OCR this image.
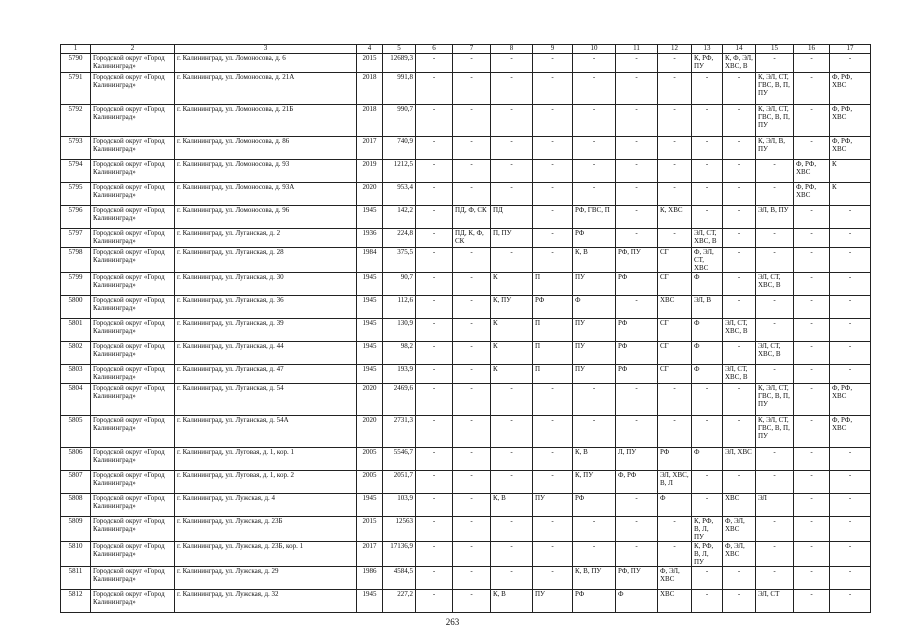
1	2	3	4	5	6	7	8	9	10	11	12	13	14	15	16	17
5790	Городской округ «Город Калининград»	г. Калининград, ул. Ломоносова, д. 6	2015	12689,3	-	-	-	-	-	-	-	К, РФ, ПУ	К, Ф, ЭЛ, ХВС, В	-	-	-
5791	Городской округ «Город Калининград»	г. Калининград, ул. Ломоносова, д. 21А	2018	991,8	-	-	-	-	-	-	-	-	-	К, ЭЛ, СТ, ГВС, В, П, ПУ	-	Ф, РФ, ХВС
5792	Городской округ «Город Калининград»	г. Калининград, ул. Ломоносова, д. 21Б	2018	990,7	-	-	-	-	-	-	-	-	-	К, ЭЛ, СТ, ГВС, В, П, ПУ	-	Ф, РФ, ХВС
5793	Городской округ «Город Калининград»	г. Калининград, ул. Ломоносова, д. 86	2017	740,9	-	-	-	-	-	-	-	-	-	К, ЭЛ, В, ПУ	-	Ф, РФ, ХВС
5794	Городской округ «Город Калининград»	г. Калининград, ул. Ломоносова, д. 93	2019	1212,5	-	-	-	-	-	-	-	-	-	-	Ф, РФ, ХВС	К
5795	Городской округ «Город Калининград»	г. Калининград, ул. Ломоносова, д. 93А	2020	953,4	-	-	-	-	-	-	-	-	-	-	Ф, РФ, ХВС	К
5796	Городской округ «Город Калининград»	г. Калининград, ул. Ломоносова, д. 96	1945	142,2	-	ПД, Ф, СК	ПД	-	РФ, ГВС, П	-	К, ХВС	-	-	ЭЛ, В, ПУ	-	-
5797	Городской округ «Город Калининград»	г. Калининград, ул. Луганская, д. 2	1936	224,8	-	ПД, К, Ф, СК	П, ПУ	-	РФ	-	-	ЭЛ, СТ, ХВС, В	-	-	-	-
5798	Городской округ «Город Калининград»	г. Калининград, ул. Луганская, д. 28	1984	375,5	-	-	-	-	К, В	РФ, ПУ	СГ	Ф, ЭЛ, СТ, ХВС	-	-	-	-
5799	Городской округ «Город Калининград»	г. Калининград, ул. Луганская, д. 30	1945	90,7	-	-	К	П	ПУ	РФ	СГ	Ф	-	ЭЛ, СТ, ХВС, В	-	-
5800	Городской округ «Город Калининград»	г. Калининград, ул. Луганская, д. 36	1945	112,6	-	-	К, ПУ	РФ	Ф	-	ХВС	ЭЛ, В	-	-	-	-
5801	Городской округ «Город Калининград»	г. Калининград, ул. Луганская, д. 39	1945	130,9	-	-	К	П	ПУ	РФ	СГ	Ф	ЭЛ, СТ, ХВС, В	-	-	-
5802	Городской округ «Город Калининград»	г. Калининград, ул. Луганская, д. 44	1945	98,2	-	-	К	П	ПУ	РФ	СГ	Ф	-	ЭЛ, СТ, ХВС, В	-	-
5803	Городской округ «Город Калининград»	г. Калининград, ул. Луганская, д. 47	1945	193,9	-	-	К	П	ПУ	РФ	СГ	Ф	ЭЛ, СТ, ХВС, В	-	-	-
5804	Городской округ «Город Калининград»	г. Калининград, ул. Луганская, д. 54	2020	2469,6	-	-	-	-	-	-	-	-	-	К, ЭЛ, СТ, ГВС, В, П, ПУ	-	Ф, РФ, ХВС
5805	Городской округ «Город Калининград»	г. Калининград, ул. Луганская, д. 54А	2020	2731,3	-	-	-	-	-	-	-	-	-	К, ЭЛ, СТ, ГВС, В, П, ПУ	-	Ф, РФ, ХВС
5806	Городской округ «Город Калининград»	г. Калининград, ул. Луговая, д. 1, кор. 1	2005	5546,7	-	-	-	-	К, В	Л, ПУ	РФ	Ф	ЭЛ, ХВС	-	-	-
5807	Городской округ «Город Калининград»	г. Калининград, ул. Луговая, д. 1, кор. 2	2005	2051,7	-	-	-	-	К, ПУ	Ф, РФ	ЭЛ, ХВС, В, Л	-	-	-	-	-
5808	Городской округ «Город Калининград»	г. Калининград, ул. Лужская, д. 4	1945	103,9	-	-	К, В	ПУ	РФ	-	Ф	-	ХВС	ЭЛ	-	-
5809	Городской округ «Город Калининград»	г. Калининград, ул. Лужская, д. 23Б	2015	12563	-	-	-	-	-	-	-	К, РФ, В, Л, ПУ	Ф, ЭЛ, ХВС	-	-	-
5810	Городской округ «Город Калининград»	г. Калининград, ул. Лужская, д. 23Б, кор. 1	2017	17136,9	-	-	-	-	-	-	-	К, РФ, В, Л, ПУ	Ф, ЭЛ, ХВС	-	-	-
5811	Городской округ «Город Калининград»	г. Калининград, ул. Лужская, д. 29	1986	4584,5	-	-	-	-	К, В, ПУ	РФ, ПУ	Ф, ЭЛ, ХВС	-	-	-	-	-
5812	Городской округ «Город Калининград»	г. Калининград, ул. Лужская, д. 32	1945	227,2	-	-	К, В	ПУ	РФ	Ф	ХВС	-	-	ЭЛ, СТ	-	-
263
